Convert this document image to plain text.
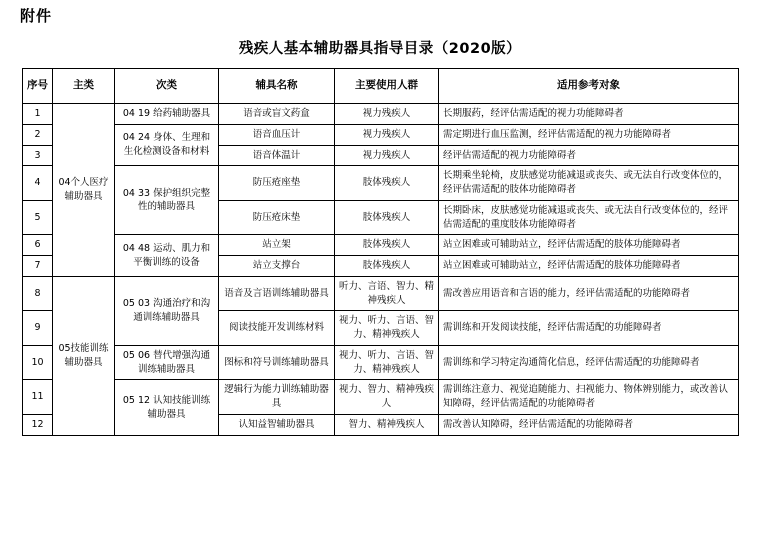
附件
残疾人基本辅助器具指导目录（2020版）
序号	主类	次类	辅具名称	主要使用人群	适用参考对象
1	04个人医疗辅助器具	04 19 给药辅助器具	语音或盲文药盒	视力残疾人	长期服药，经评估需适配的视力功能障碍者
2		04 24 身体、生理和生化检测设备和材料	语音血压计	视力残疾人	需定期进行血压监测，经评估需适配的视力功能障碍者
3			语音体温计	视力残疾人	经评估需适配的视力功能障碍者
4		04 33 保护组织完整性的辅助器具	防压疮座垫	肢体残疾人	长期乘坐轮椅，皮肤感觉功能减退或丧失、或无法自行改变体位的，经评估需适配的肢体功能障碍者
5			防压疮床垫	肢体残疾人	长期卧床，皮肤感觉功能减退或丧失、或无法自行改变体位的，经评估需适配的重度肢体功能障碍者
6		04 48 运动、肌力和平衡训练的设备	站立架	肢体残疾人	站立困难或可辅助站立，经评估需适配的肢体功能障碍者
7			站立支撑台	肢体残疾人	站立困难或可辅助站立，经评估需适配的肢体功能障碍者
8	05技能训练辅助器具	05 03 沟通治疗和沟通训练辅助器具	语音及言语训练辅助器具	听力、言语、智力、精神残疾人	需改善应用语音和言语的能力，经评估需适配的功能障碍者
9			阅读技能开发训练材料	视力、听力、言语、智力、精神残疾人	需训练和开发阅读技能，经评估需适配的功能障碍者
10		05 06 替代增强沟通训练辅助器具	图标和符号训练辅助器具	视力、听力、言语、智力、精神残疾人	需训练和学习特定沟通简化信息，经评估需适配的功能障碍者
11		05 12 认知技能训练辅助器具	逻辑行为能力训练辅助器具	视力、智力、精神残疾人	需训练注意力、视觉追随能力、扫视能力、物体辨别能力，或改善认知障碍，经评估需适配的功能障碍者
12			认知益智辅助器具	智力、精神残疾人	需改善认知障碍，经评估需适配的功能障碍者
